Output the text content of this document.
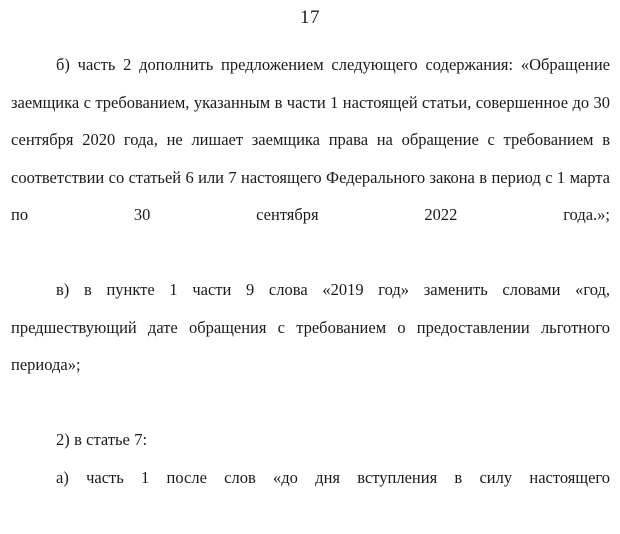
17

б) часть 2 дополнить предложением следующего содержания: «Обращение заемщика с требованием, указанным в части 1 настоящей статьи, совершенное до 30 сентября 2020 года, не лишает заемщика права на обращение с требованием в соответствии со статьей 6 или 7 настоящего Федерального закона в период с 1 марта по 30 сентября 2022 года.»;

в) в пункте 1 части 9 слова «2019 год» заменить словами «год, предшествующий дате обращения с требованием о предоставлении льготного периода»;

2) в статье 7:

а) часть 1 после слов «до дня вступления в силу настоящего
